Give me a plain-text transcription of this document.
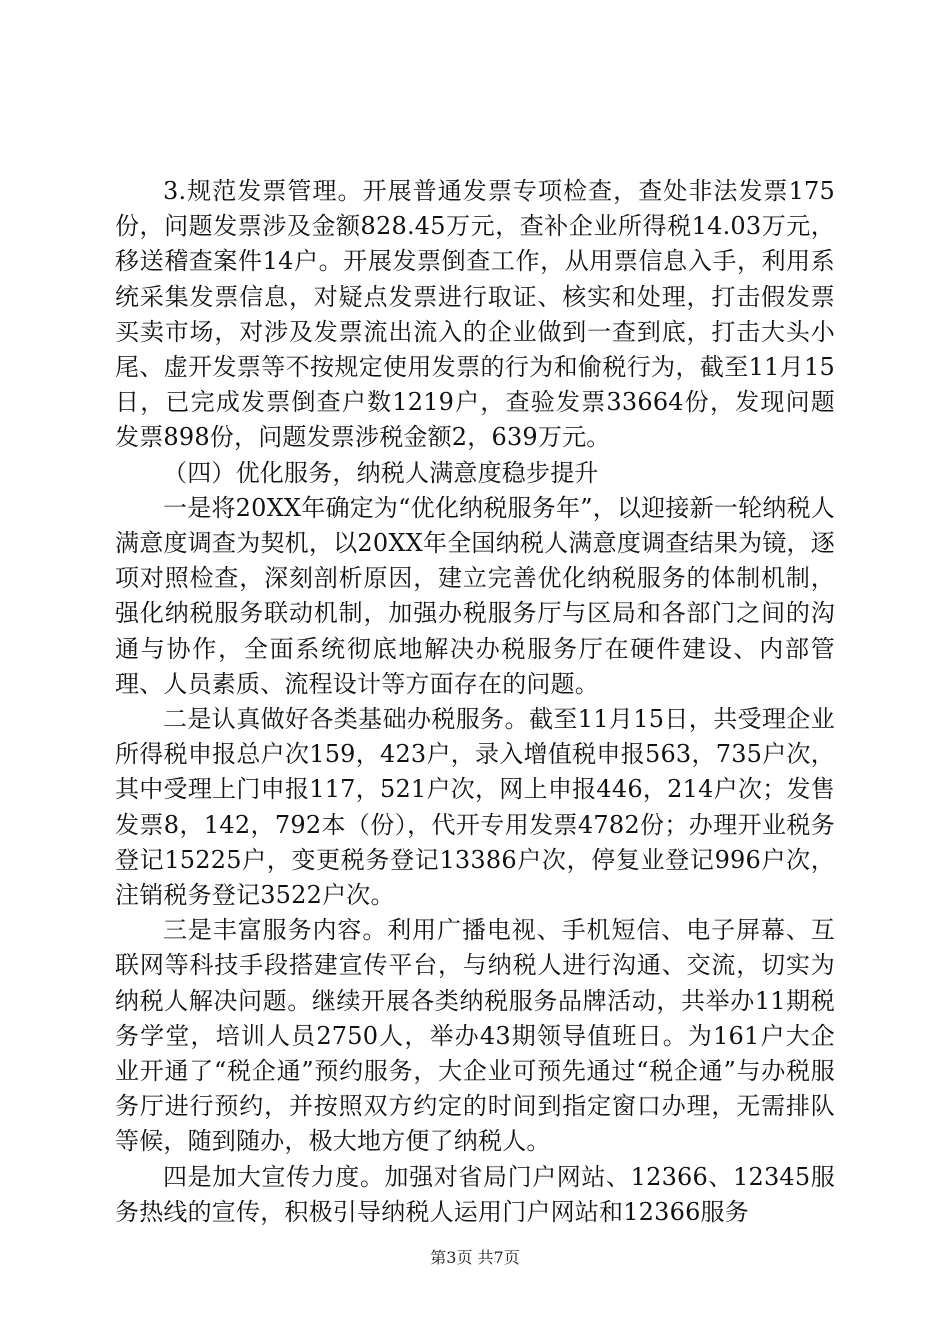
3.规范发票管理。开展普通发票专项检查，查处非法发票175份，问题发票涉及金额828.45万元，查补企业所得税14.03万元，移送稽查案件14户。开展发票倒查工作，从用票信息入手，利用系统采集发票信息，对疑点发票进行取证、核实和处理，打击假发票买卖市场，对涉及发票流出流入的企业做到一查到底，打击大头小尾、虚开发票等不按规定使用发票的行为和偷税行为，截至11月15日，已完成发票倒查户数1219户，查验发票33664份，发现问题发票898份，问题发票涉税金额2，639万元。

（四）优化服务，纳税人满意度稳步提升

一是将20XX年确定为“优化纳税服务年”，以迎接新一轮纳税人满意度调查为契机，以20XX年全国纳税人满意度调查结果为镜，逐项对照检查，深刻剖析原因，建立完善优化纳税服务的体制机制，强化纳税服务联动机制，加强办税服务厅与区局和各部门之间的沟通与协作，全面系统彻底地解决办税服务厅在硬件建设、内部管理、人员素质、流程设计等方面存在的问题。

二是认真做好各类基础办税服务。截至11月15日，共受理企业所得税申报总户次159，423户，录入增值税申报563，735户次，其中受理上门申报117，521户次，网上申报446，214户次；发售发票8，142，792本（份），代开专用发票4782份；办理开业税务登记15225户，变更税务登记13386户次，停复业登记996户次，注销税务登记3522户次。

三是丰富服务内容。利用广播电视、手机短信、电子屏幕、互联网等科技手段搭建宣传平台，与纳税人进行沟通、交流，切实为纳税人解决问题。继续开展各类纳税服务品牌活动，共举办11期税务学堂，培训人员2750人，举办43期领导值班日。为161户大企业开通了“税企通”预约服务，大企业可预先通过“税企通”与办税服务厅进行预约，并按照双方约定的时间到指定窗口办理，无需排队等候，随到随办，极大地方便了纳税人。

四是加大宣传力度。加强对省局门户网站、12366、12345服务热线的宣传，积极引导纳税人运用门户网站和12366服务

第3页 共7页
